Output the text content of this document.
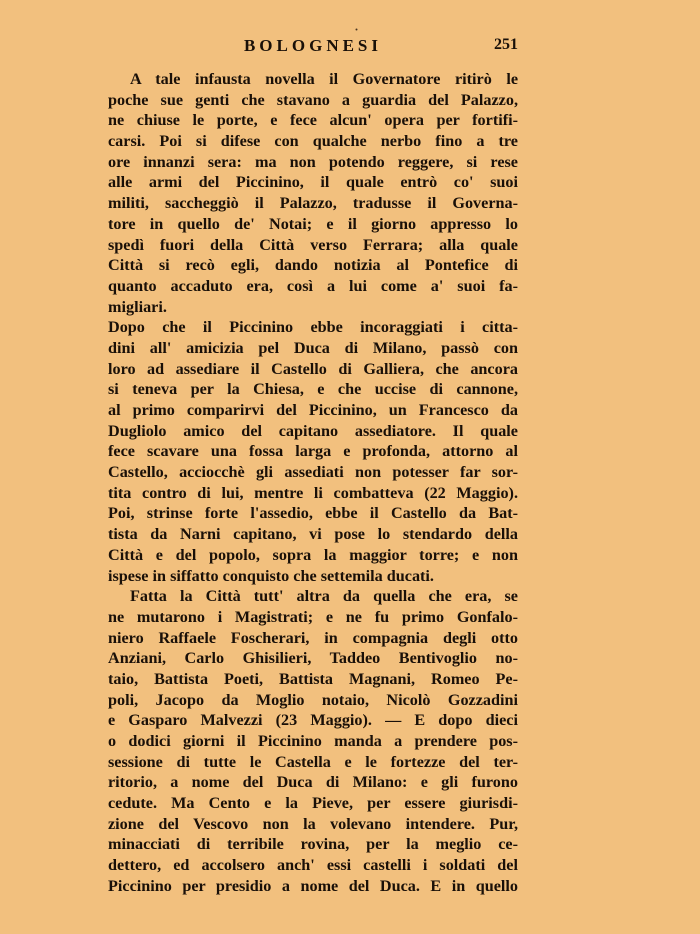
BOLOGNESI	251
A tale infausta novella il Governatore ritirò le
poche sue genti che stavano a guardia del Palazzo,
ne chiuse le porte, e fece alcun' opera per fortifi-
carsi. Poi si difese con qualche nerbo fino a tre
ore innanzi sera: ma non potendo reggere, si rese
alle armi del Piccinino, il quale entrò co' suoi
militi, saccheggiò il Palazzo, tradusse il Governa-
tore in quello de' Notai; e il giorno appresso lo
spedì fuori della Città verso Ferrara; alla quale
Città si recò egli, dando notizia al Pontefice di
quanto accaduto era, così a lui come a' suoi fa-
migliari.
Dopo che il Piccinino ebbe incoraggiati i citta-
dini all' amicizia pel Duca di Milano, passò con
loro ad assediare il Castello di Galliera, che ancora
si teneva per la Chiesa, e che uccise di cannone,
al primo comparirvi del Piccinino, un Francesco da
Dugliolo amico del capitano assediatore. Il quale
fece scavare una fossa larga e profonda, attorno al
Castello, acciocchè gli assediati non potesser far sor-
tita contro di lui, mentre li combatteva (22 Maggio).
Poi, strinse forte l'assedio, ebbe il Castello da Bat-
tista da Narni capitano, vi pose lo stendardo della
Città e del popolo, sopra la maggior torre; e non
ispese in siffatto conquisto che settemila ducati.
Fatta la Città tutt' altra da quella che era, se
ne mutarono i Magistrati; e ne fu primo Gonfalo-
niero Raffaele Foscherari, in compagnia degli otto
Anziani, Carlo Ghisilieri, Taddeo Bentivoglio no-
taio, Battista Poeti, Battista Magnani, Romeo Pe-
poli, Jacopo da Moglio notaio, Nicolò Gozzadini
e Gasparo Malvezzi (23 Maggio). — E dopo dieci
o dodici giorni il Piccinino manda a prendere pos-
sessione di tutte le Castella e le fortezze del ter-
ritorio, a nome del Duca di Milano: e gli furono
cedute. Ma Cento e la Pieve, per essere giurisdi-
zione del Vescovo non la volevano intendere. Pur,
minacciati di terribile rovina, per la meglio ce-
dettero, ed accolsero anch' essi castelli i soldati del
Piccinino per presidio a nome del Duca. E in quello
